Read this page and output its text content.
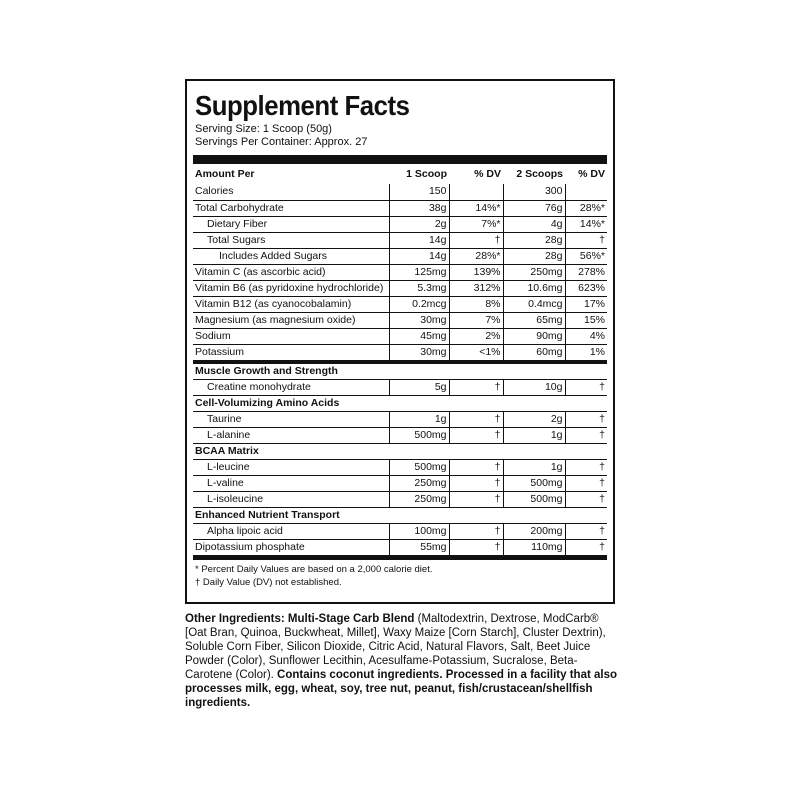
Supplement Facts
Serving Size: 1 Scoop (50g)
Servings Per Container: Approx. 27
Amount Per	1 Scoop	% DV	2 Scoops	% DV
Calories	150		300	
Total Carbohydrate	38g	14%*	76g	28%*
Dietary Fiber	2g	7%*	4g	14%*
Total Sugars	14g	†	28g	†
Includes Added Sugars	14g	28%*	28g	56%*
Vitamin C (as ascorbic acid)	125mg	139%	250mg	278%
Vitamin B6 (as pyridoxine hydrochloride)	5.3mg	312%	10.6mg	623%
Vitamin B12 (as cyanocobalamin)	0.2mcg	8%	0.4mcg	17%
Magnesium (as magnesium oxide)	30mg	7%	65mg	15%
Sodium	45mg	2%	90mg	4%
Potassium	30mg	<1%	60mg	1%
Muscle Growth and Strength				
Creatine monohydrate	5g	†	10g	†
Cell-Volumizing Amino Acids				
Taurine	1g	†	2g	†
L-alanine	500mg	†	1g	†
BCAA Matrix				
L-leucine	500mg	†	1g	†
L-valine	250mg	†	500mg	†
L-isoleucine	250mg	†	500mg	†
Enhanced Nutrient Transport				
Alpha lipoic acid	100mg	†	200mg	†
Dipotassium phosphate	55mg	†	110mg	†
* Percent Daily Values are based on a 2,000 calorie diet.
† Daily Value (DV) not established.
Other Ingredients: Multi-Stage Carb Blend (Maltodextrin, Dextrose, ModCarb® [Oat Bran, Quinoa, Buckwheat, Millet], Waxy Maize [Corn Starch], Cluster Dextrin), Soluble Corn Fiber, Silicon Dioxide, Citric Acid, Natural Flavors, Salt, Beet Juice Powder (Color), Sunflower Lecithin, Acesulfame-Potassium, Sucralose, Beta-Carotene (Color). Contains coconut ingredients. Processed in a facility that also processes milk, egg, wheat, soy, tree nut, peanut, fish/crustacean/shellfish ingredients.
